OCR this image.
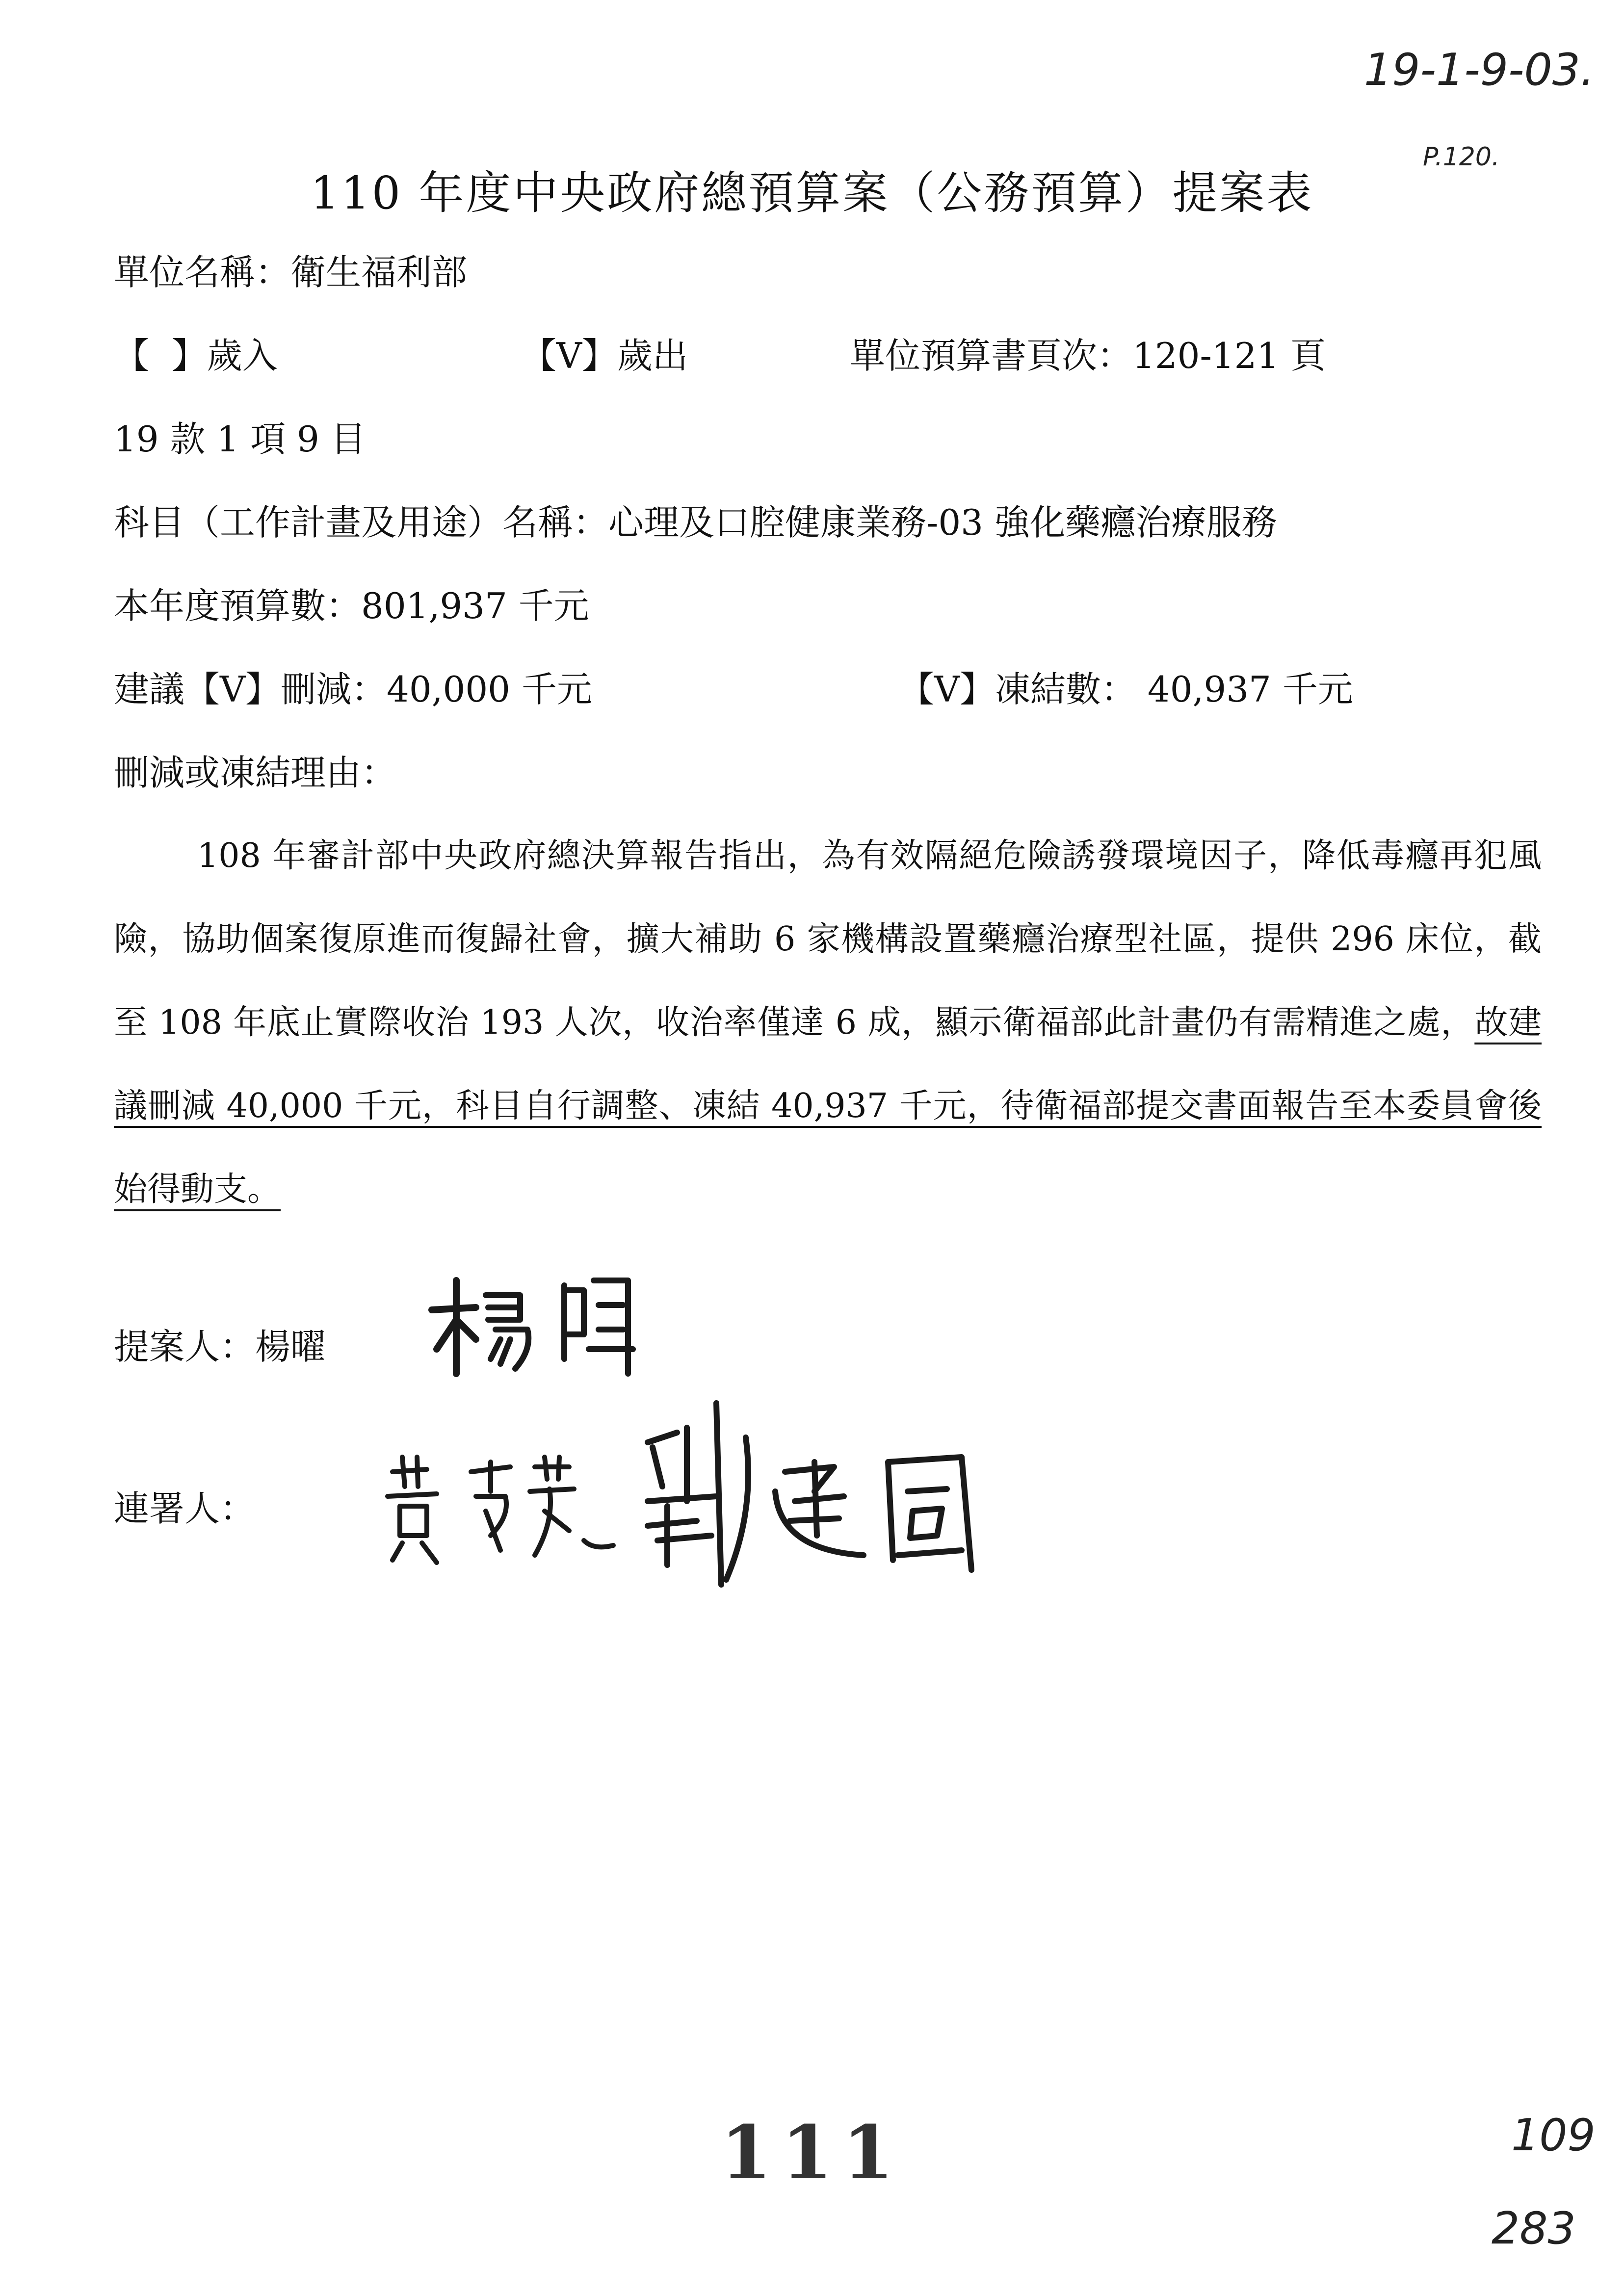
19-1-9-03.
P.120.
110 年度中央政府總預算案（公務預算）提案表
單位名稱：衛生福利部
【  】歲入	【V】歲出	單位預算書頁次：120-121 頁
19 款 1 項 9 目
科目（工作計畫及用途）名稱：心理及口腔健康業務-03 強化藥癮治療服務
本年度預算數：801,937 千元
建議【V】刪減：40,000 千元	【V】凍結數： 40,937 千元
刪減或凍結理由：
108 年審計部中央政府總決算報告指出，為有效隔絕危險誘發環境因子，降低毒癮再犯風險，協助個案復原進而復歸社會，擴大補助 6 家機構設置藥癮治療型社區，提供 296 床位，截至 108 年底止實際收治 193 人次，收治率僅達 6 成，顯示衛福部此計畫仍有需精進之處，故建議刪減 40,000 千元，科目自行調整、凍結 40,937 千元，待衛福部提交書面報告至本委員會後始得動支。
提案人：楊曜
連署人：
111	109
283
